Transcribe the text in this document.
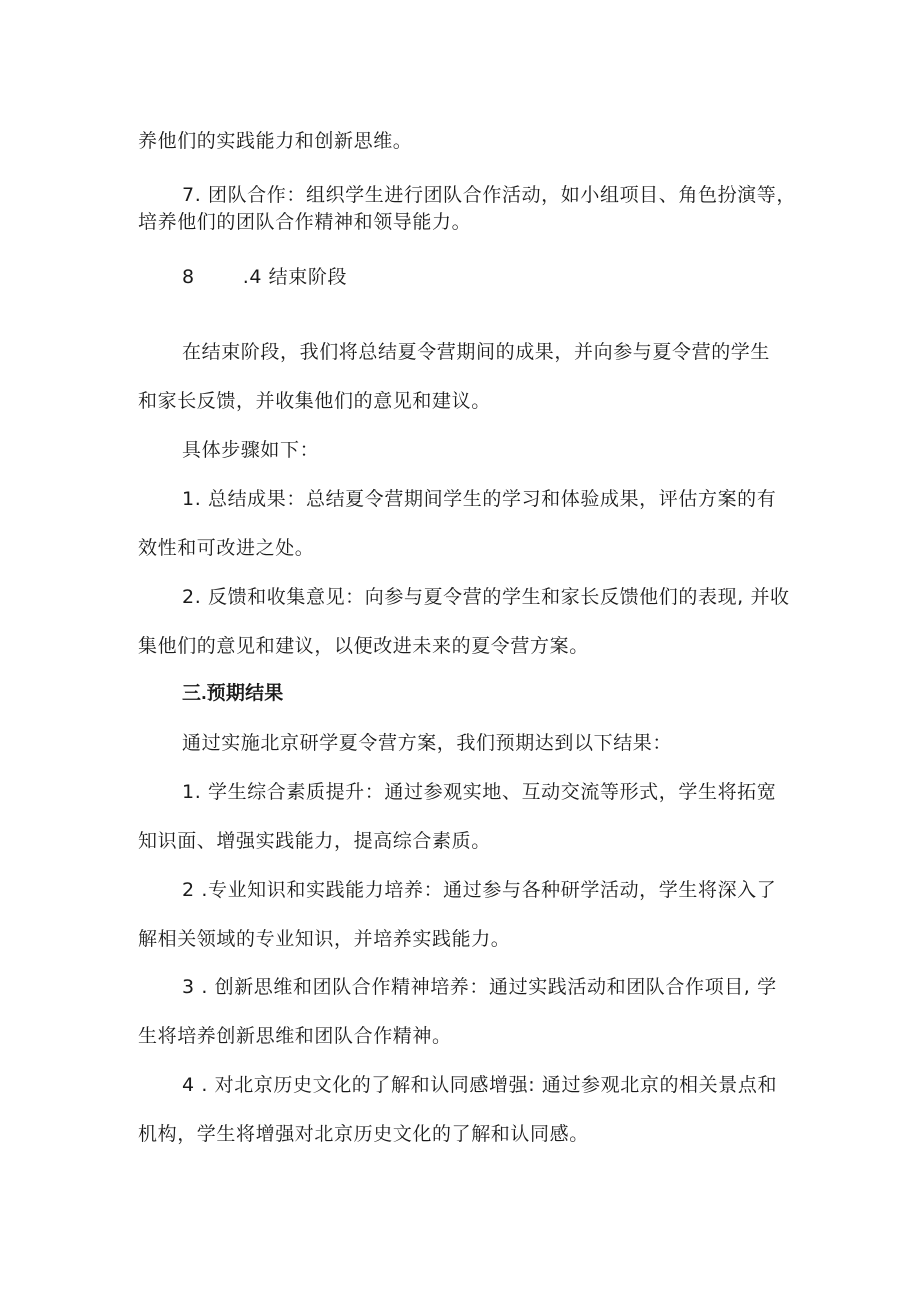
养他们的实践能力和创新思维。

7. 团队合作：组织学生进行团队合作活动，如小组项目、角色扮演等，

培养他们的团队合作精神和领导能力。

8	.4 结束阶段

在结束阶段，我们将总结夏令营期间的成果，并向参与夏令营的学生

和家长反馈，并收集他们的意见和建议。

具体步骤如下：

1. 总结成果：总结夏令营期间学生的学习和体验成果，评估方案的有

效性和可改进之处。

2. 反馈和收集意见：向参与夏令营的学生和家长反馈他们的表现, 并收

集他们的意见和建议，以便改进未来的夏令营方案。

三.预期结果

通过实施北京研学夏令营方案，我们预期达到以下结果：

1. 学生综合素质提升：通过参观实地、互动交流等形式，学生将拓宽

知识面、增强实践能力，提高综合素质。

2 .专业知识和实践能力培养：通过参与各种研学活动，学生将深入了

解相关领域的专业知识，并培养实践能力。

3 . 创新思维和团队合作精神培养：通过实践活动和团队合作项目, 学

生将培养创新思维和团队合作精神。

4 . 对北京历史文化的了解和认同感增强: 通过参观北京的相关景点和

机构，学生将增强对北京历史文化的了解和认同感。
